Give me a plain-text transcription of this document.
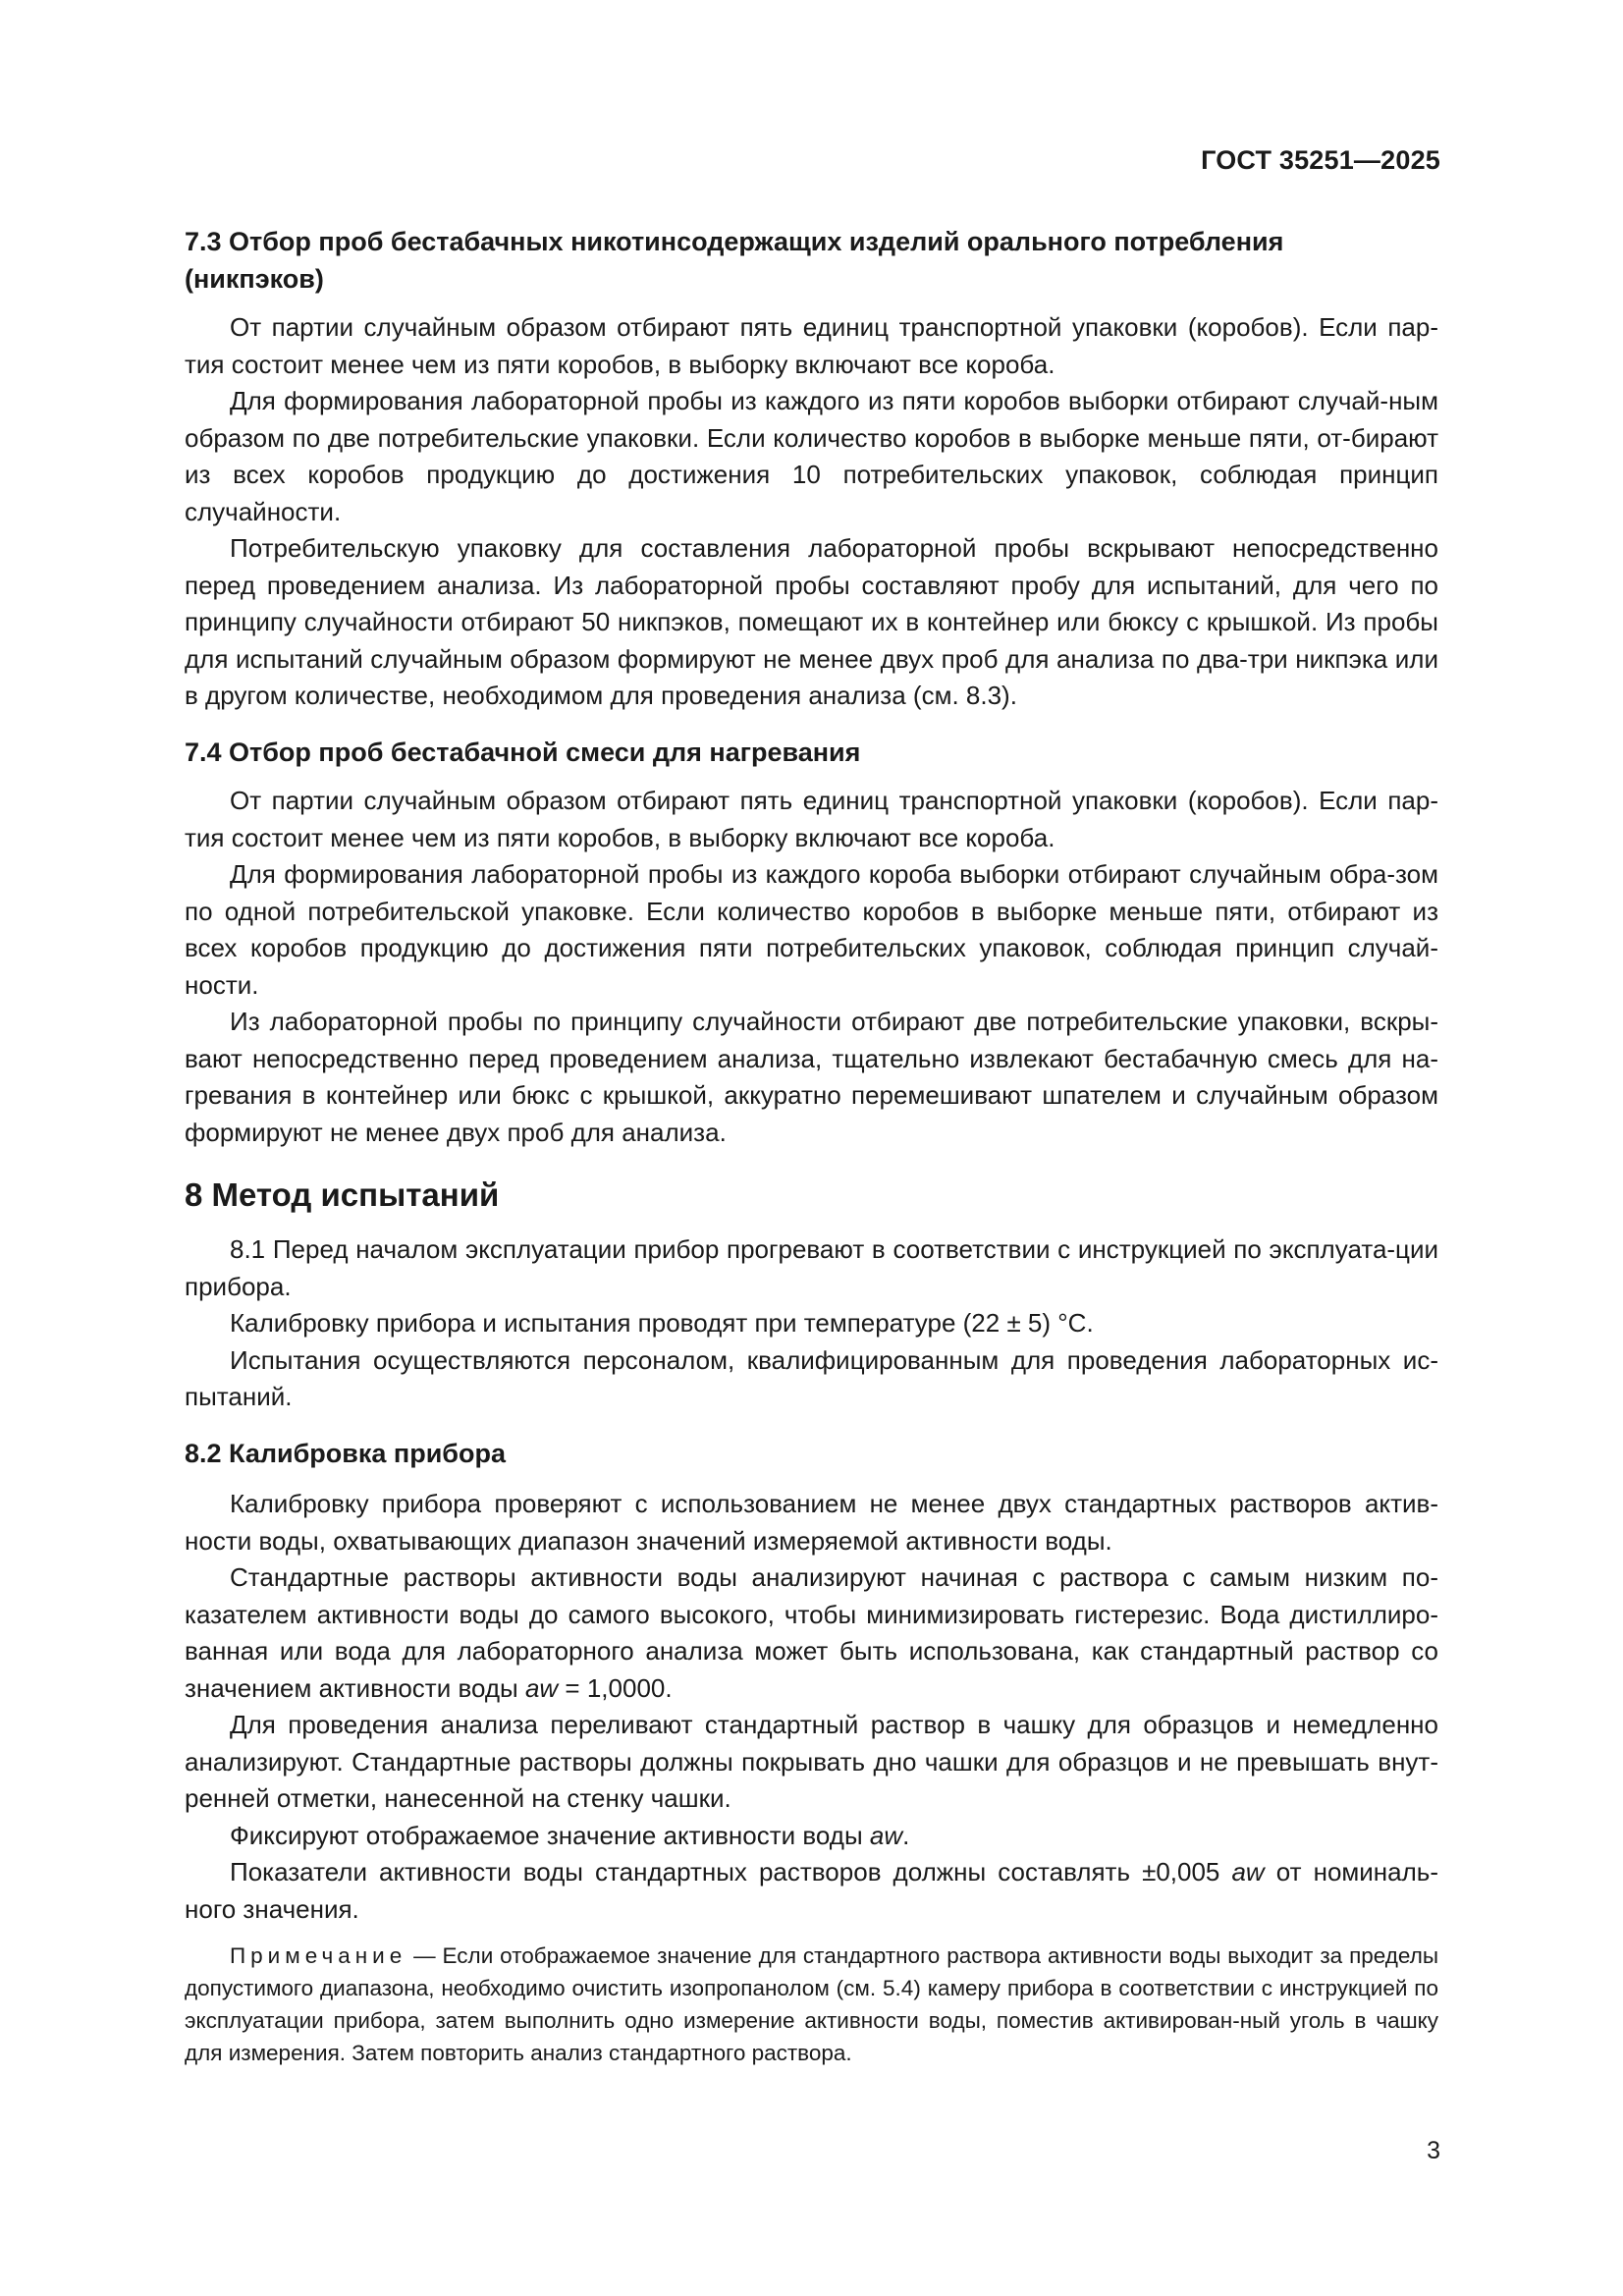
ГОСТ 35251—2025

7.3 Отбор проб бестабачных никотинсодержащих изделий орального потребления

(никпэков)

От партии случайным образом отбирают пять единиц транспортной упаковки (коробов). Если пар-тия состоит менее чем из пяти коробов, в выборку включают все короба.

Для формирования лабораторной пробы из каждого из пяти коробов выборки отбирают случай-ным образом по две потребительские упаковки. Если количество коробов в выборке меньше пяти, от-бирают из всех коробов продукцию до достижения 10 потребительских упаковок, соблюдая принцип случайности.

Потребительскую упаковку для составления лабораторной пробы вскрывают непосредственно перед проведением анализа. Из лабораторной пробы составляют пробу для испытаний, для чего по принципу случайности отбирают 50 никпэков, помещают их в контейнер или бюксу с крышкой. Из пробы для испытаний случайным образом формируют не менее двух проб для анализа по два-три никпэка или в другом количестве, необходимом для проведения анализа (см. 8.3).

7.4 Отбор проб бестабачной смеси для нагревания

От партии случайным образом отбирают пять единиц транспортной упаковки (коробов). Если пар-тия состоит менее чем из пяти коробов, в выборку включают все короба.

Для формирования лабораторной пробы из каждого короба выборки отбирают случайным обра-зом по одной потребительской упаковке. Если количество коробов в выборке меньше пяти, отбирают из всех коробов продукцию до достижения пяти потребительских упаковок, соблюдая принцип случай-ности.

Из лабораторной пробы по принципу случайности отбирают две потребительские упаковки, вскры-вают непосредственно перед проведением анализа, тщательно извлекают бестабачную смесь для на-гревания в контейнер или бюкс с крышкой, аккуратно перемешивают шпателем и случайным образом формируют не менее двух проб для анализа.

8 Метод испытаний

8.1 Перед началом эксплуатации прибор прогревают в соответствии с инструкцией по эксплуата-ции прибора.

Калибровку прибора и испытания проводят при температуре (22 ± 5) °С.

Испытания осуществляются персоналом, квалифицированным для проведения лабораторных ис-пытаний.

8.2 Калибровка прибора

Калибровку прибора проверяют с использованием не менее двух стандартных растворов актив-ности воды, охватывающих диапазон значений измеряемой активности воды.

Стандартные растворы активности воды анализируют начиная с раствора с самым низким по-казателем активности воды до самого высокого, чтобы минимизировать гистерезис. Вода дистиллиро-ванная или вода для лабораторного анализа может быть использована, как стандартный раствор со значением активности воды aw = 1,0000.

Для проведения анализа переливают стандартный раствор в чашку для образцов и немедленно анализируют. Стандартные растворы должны покрывать дно чашки для образцов и не превышать внут-ренней отметки, нанесенной на стенку чашки.

Фиксируют отображаемое значение активности воды aw.

Показатели активности воды стандартных растворов должны составлять ±0,005 aw от номиналь-ного значения.

Примечание — Если отображаемое значение для стандартного раствора активности воды выходит за пределы допустимого диапазона, необходимо очистить изопропанолом (см. 5.4) камеру прибора в соответствии с инструкцией по эксплуатации прибора, затем выполнить одно измерение активности воды, поместив активирован-ный уголь в чашку для измерения. Затем повторить анализ стандартного раствора.

3
